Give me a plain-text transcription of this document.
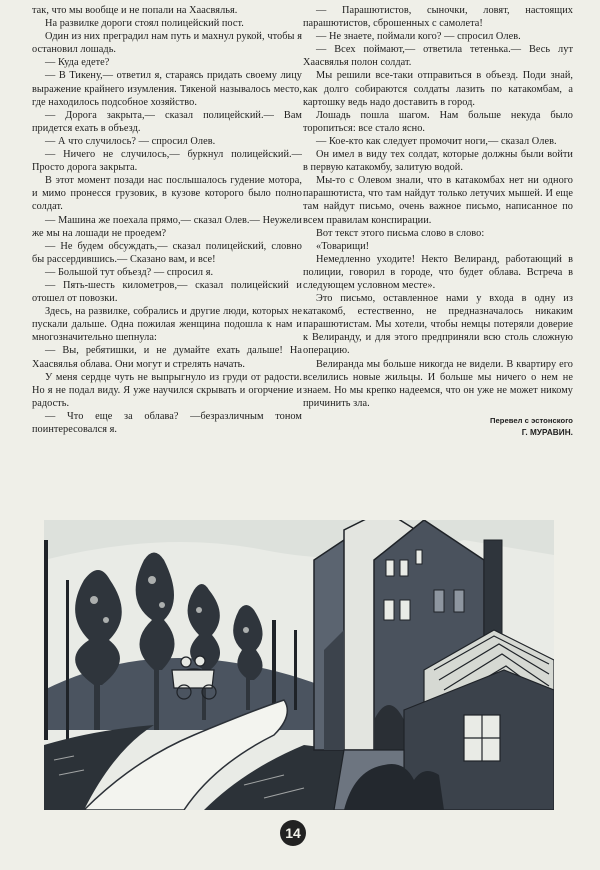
так, что мы вообще и не попали на Хаасвялья.

На развилке дороги стоял полицейский пост.

Один из них преградил нам путь и махнул рукой, чтобы я остановил лошадь.

— Куда едете?

— В Тикену,— ответил я, стараясь придать своему лицу выражение крайнего изумления. Тякеной называлось место, где находилось подсобное хозяйство.

— Дорога закрыта,— сказал полицейский.— Вам придется ехать в объезд.

— А что случилось? — спросил Олев.

— Ничего не случилось,— буркнул полицейский.— Просто дорога закрыта.

В этот момент позади нас послышалось гудение мотора, и мимо пронесся грузовик, в кузове которого было полно солдат.

— Машина же поехала прямо,— сказал Олев.— Неужели же мы на лошади не проедем?

— Не будем обсуждать,— сказал полицейский, словно бы рассердившись.— Сказано вам, и все!

— Большой тут объезд? — спросил я.

— Пять-шесть километров,— сказал полицейский и отошел от повозки.

Здесь, на развилке, собрались и другие люди, которых не пускали дальше. Одна пожилая женщина подошла к нам и многозначительно шепнула:

— Вы, ребятишки, и не думайте ехать дальше! На Хаасвялья облава. Они могут и стрелять начать.

У меня сердце чуть не выпрыгнуло из груди от радости. Но я не подал виду. Я уже научился скрывать и огорчение и радость.

— Что еще за облава? —безразличным тоном поинтересовался я.

— Парашютистов, сыночки, ловят, настоящих парашютистов, сброшенных с самолета!

— Не знаете, поймали кого? — спросил Олев.

— Всех поймают,— ответила тетенька.— Весь лут Хаасвялья полон солдат.

Мы решили все-таки отправиться в объезд. Поди знай, как долго собираются солдаты лазить по катакомбам, а картошку ведь надо доставить в город.

Лошадь пошла шагом. Нам больше некуда было торопиться: все стало ясно.

— Кое-кто как следует промочит ноги,— сказал Олев.

Он имел в виду тех солдат, которые должны были войти в первую катакомбу, залитую водой.

Мы-то с Олевом знали, что в катакомбах нет ни одного парашютиста, что там найдут только летучих мышей. И еще там найдут письмо, очень важное письмо, написанное по всем правилам конспирации.

Вот текст этого письма слово в слово:

«Товарищи!

Немедленно уходите! Некто Велиранд, работающий в полиции, говорил в городе, что будет облава. Встреча в следующем условном месте».

Это письмо, оставленное нами у входа в одну из катакомб, естественно, не предназначалось никаким парашютистам. Мы хотели, чтобы немцы потеряли доверие к Велиранду, и для этого предприняли всю столь сложную операцию.

Велиранда мы больше никогда не видели. В квартиру его вселились новые жильцы. И больше мы ничего о нем не знаем. Но мы крепко надеемся, что он уже не может никому причинить зла.

Перевел с эстонского
Г. МУРАВИН.
14
